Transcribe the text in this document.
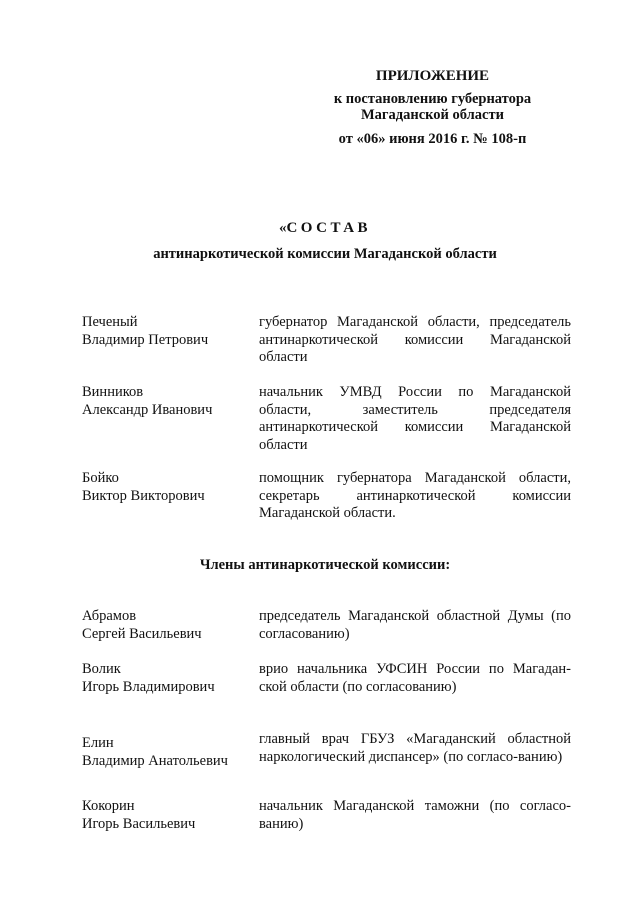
ПРИЛОЖЕНИЕ
к постановлению губернатора
Магаданской области
от «06» июня 2016 г. № 108-п
«СОСТАВ
антинаркотической комиссии Магаданской области
Печеный
Владимир Петрович
губернатор Магаданской области, председатель антинаркотической комиссии Магаданской области
Винников
Александр Иванович
начальник УМВД России по Магаданской области, заместитель председателя антинаркотической комиссии Магаданской области
Бойко
Виктор Викторович
помощник губернатора Магаданской области, секретарь антинаркотической комиссии Магаданской области.
Члены антинаркотической комиссии:
Абрамов
Сергей Васильевич
председатель Магаданской областной Думы (по согласованию)
Волик
Игорь Владимирович
врио начальника УФСИН России по Магадан-ской области (по согласованию)
Елин
Владимир Анатольевич
главный врач ГБУЗ «Магаданский областной наркологический диспансер» (по согласо-ванию)
Кокорин
Игорь Васильевич
начальник Магаданской таможни (по согласо-ванию)
